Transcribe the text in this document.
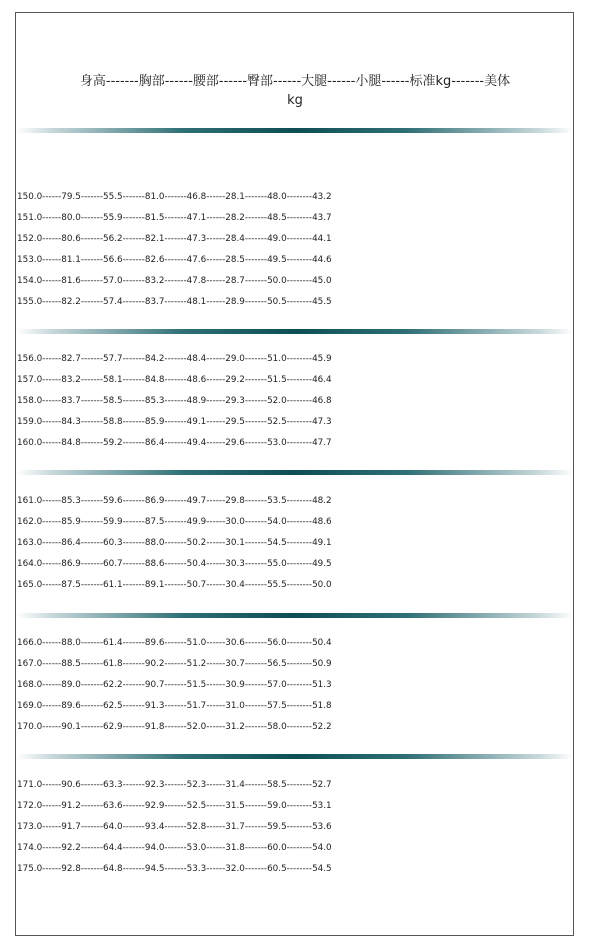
身高-------胸部------腰部------臀部------大腿------小腿------标准kg-------美体
kg
150.0------79.5-------55.5-------81.0-------46.8------28.1-------48.0--------43.2
151.0------80.0-------55.9-------81.5-------47.1------28.2-------48.5--------43.7
152.0------80.6-------56.2-------82.1-------47.3------28.4-------49.0--------44.1
153.0------81.1-------56.6-------82.6-------47.6------28.5-------49.5--------44.6
154.0------81.6-------57.0-------83.2-------47.8------28.7-------50.0--------45.0
155.0------82.2-------57.4-------83.7-------48.1------28.9-------50.5--------45.5
156.0------82.7-------57.7-------84.2-------48.4------29.0-------51.0--------45.9
157.0------83.2-------58.1-------84.8-------48.6------29.2-------51.5--------46.4
158.0------83.7-------58.5-------85.3-------48.9------29.3-------52.0--------46.8
159.0------84.3-------58.8-------85.9-------49.1------29.5-------52.5--------47.3
160.0------84.8-------59.2-------86.4-------49.4------29.6-------53.0--------47.7
161.0------85.3-------59.6-------86.9-------49.7------29.8-------53.5--------48.2
162.0------85.9-------59.9-------87.5-------49.9------30.0-------54.0--------48.6
163.0------86.4-------60.3-------88.0-------50.2------30.1-------54.5--------49.1
164.0------86.9-------60.7-------88.6-------50.4------30.3-------55.0--------49.5
165.0------87.5-------61.1-------89.1-------50.7------30.4-------55.5--------50.0
166.0------88.0-------61.4-------89.6-------51.0------30.6-------56.0--------50.4
167.0------88.5-------61.8-------90.2-------51.2------30.7-------56.5--------50.9
168.0------89.0-------62.2-------90.7-------51.5------30.9-------57.0--------51.3
169.0------89.6-------62.5-------91.3-------51.7------31.0-------57.5--------51.8
170.0------90.1-------62.9-------91.8-------52.0------31.2-------58.0--------52.2
171.0------90.6-------63.3-------92.3-------52.3------31.4-------58.5--------52.7
172.0------91.2-------63.6-------92.9-------52.5------31.5-------59.0--------53.1
173.0------91.7-------64.0-------93.4-------52.8------31.7-------59.5--------53.6
174.0------92.2-------64.4-------94.0-------53.0------31.8-------60.0--------54.0
175.0------92.8-------64.8-------94.5-------53.3------32.0-------60.5--------54.5
